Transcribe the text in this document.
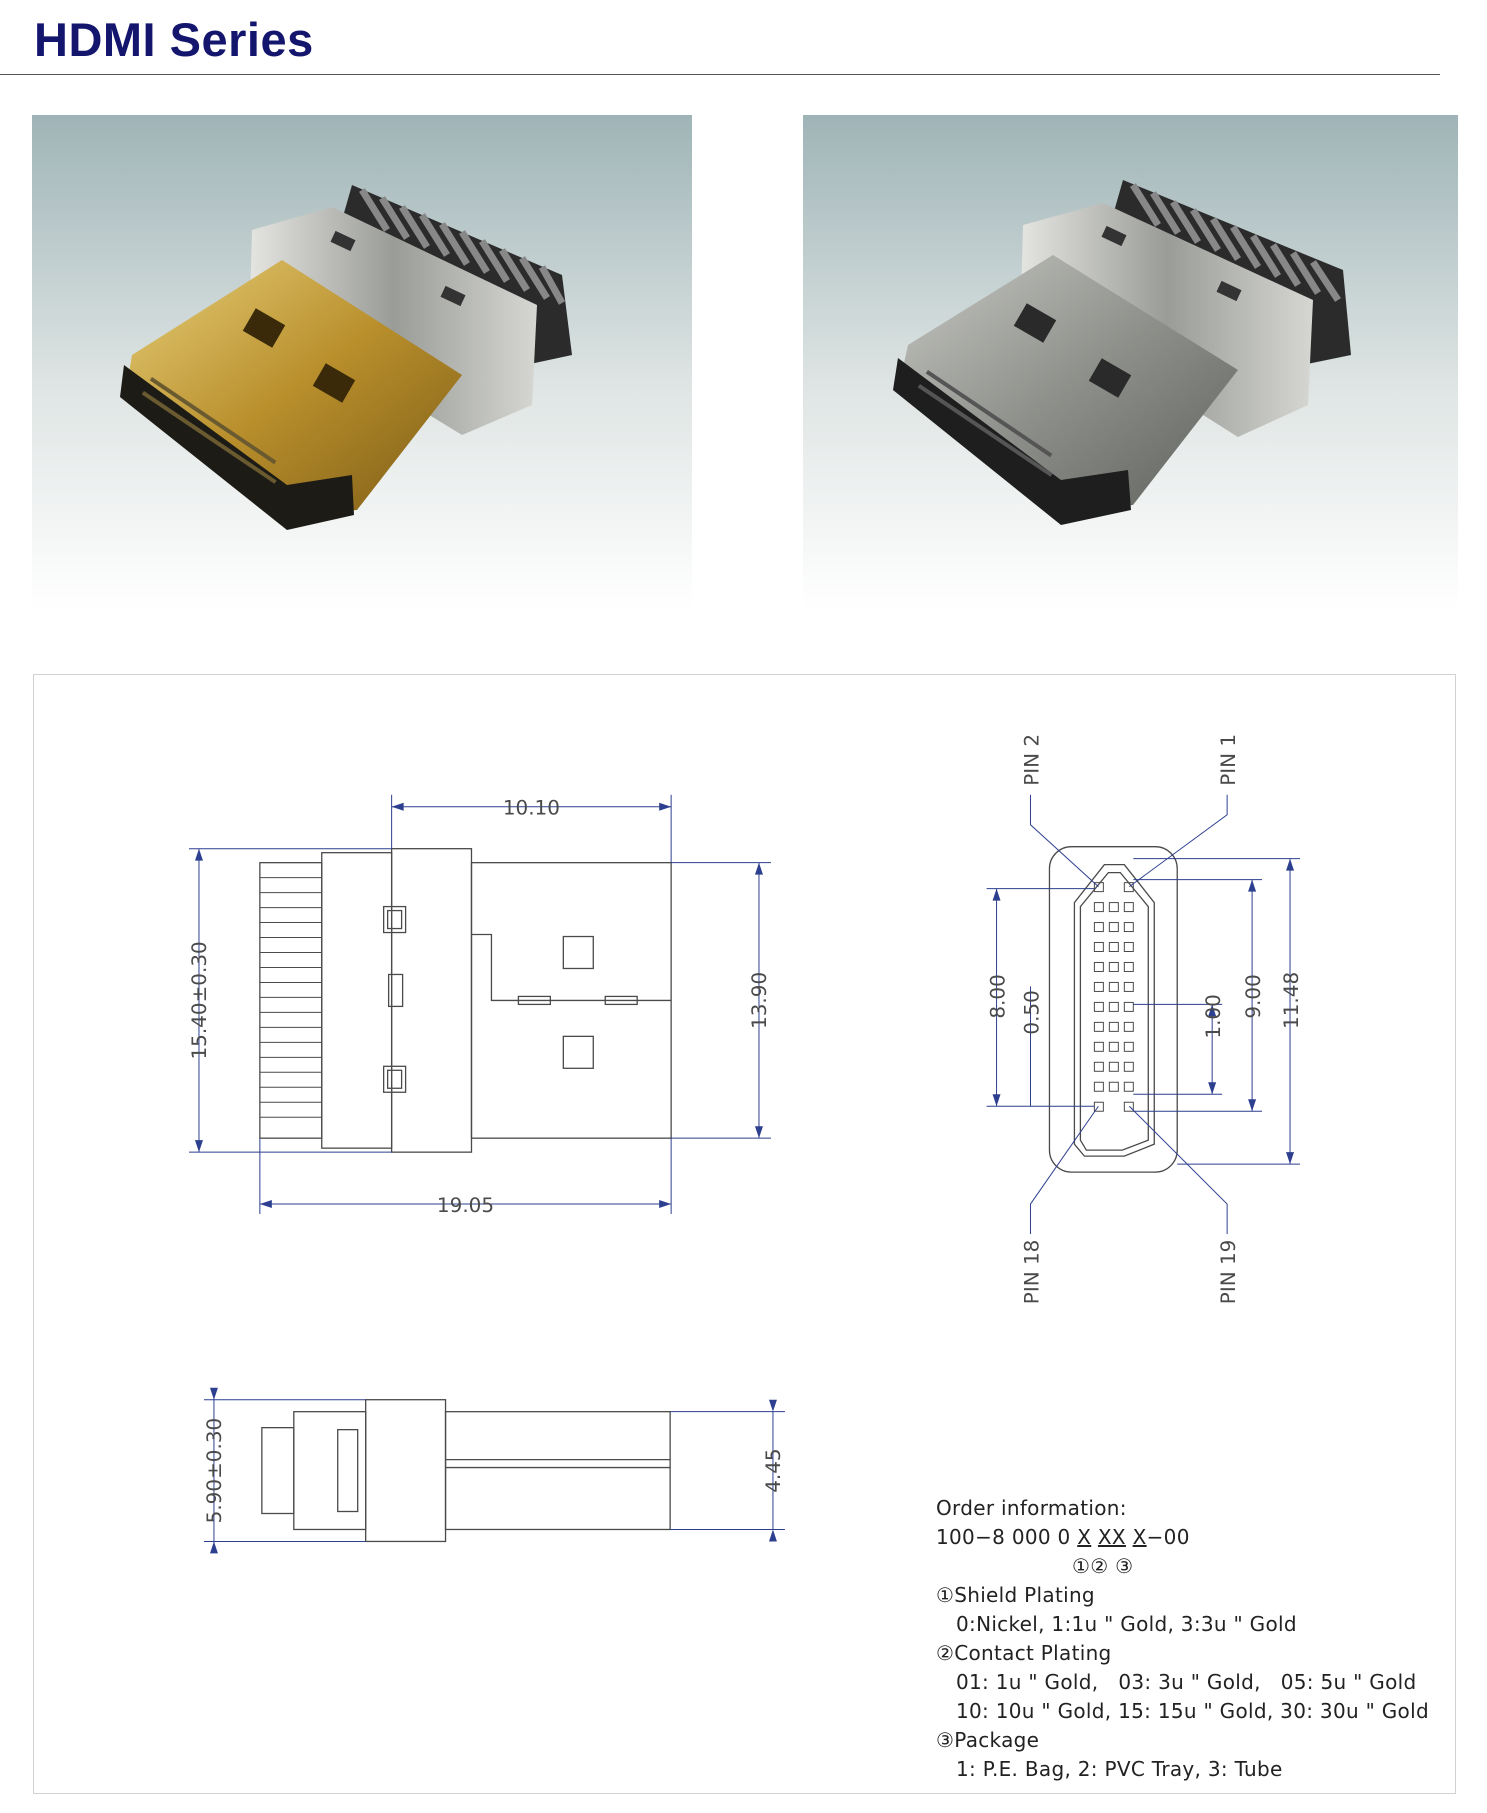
HDMI Series
10.10
19.05
15.40±0.30	13.90
5.90±0.30	4.45
8.00 0.50	1.00 9.00 11.48
PIN 2	PIN 1
PIN 18	PIN 19
Order information:
100−8 000 0 X XX X−00
①② ③
①Shield Plating
0:Nickel, 1:1u " Gold, 3:3u " Gold
②Contact Plating
01: 1u " Gold,   03: 3u " Gold,   05: 5u " Gold
10: 10u " Gold, 15: 15u " Gold, 30: 30u " Gold
③Package
1: P.E. Bag, 2: PVC Tray, 3: Tube
